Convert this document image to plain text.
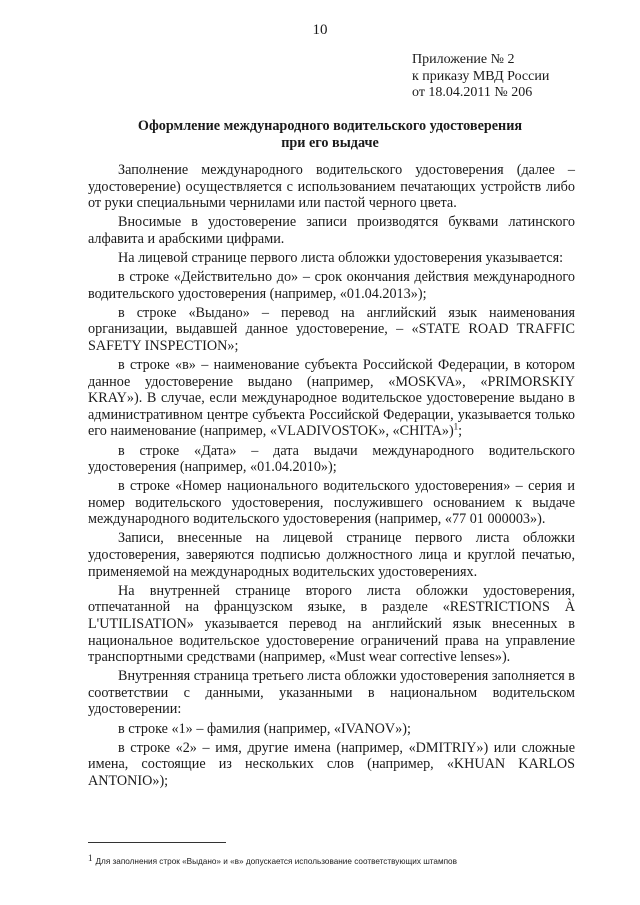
10
Приложение № 2
к приказу МВД России
от 18.04.2011 № 206
Оформление международного водительского удостоверения
при его выдаче

Заполнение международного водительского удостоверения (далее – удостоверение) осуществляется с использованием печатающих устройств либо от руки специальными чернилами или пастой черного цвета.

Вносимые в удостоверение записи производятся буквами латинского алфавита и арабскими цифрами.

На лицевой странице первого листа обложки удостоверения указывается:

в строке «Действительно до» – срок окончания действия международного водительского удостоверения (например, «01.04.2013»);

в строке «Выдано» – перевод на английский язык наименования организации, выдавшей данное удостоверение, – «STATE ROAD TRAFFIC SAFETY INSPECTION»;

в строке «в» – наименование субъекта Российской Федерации, в котором данное удостоверение выдано (например, «MOSKVA», «PRIMORSKIY KRAY»). В случае, если международное водительское удостоверение выдано в административном центре субъекта Российской Федерации, указывается только его наименование (например, «VLADIVOSTOK», «CHITA»)$^1$;

в строке «Дата» – дата выдачи международного водительского удостоверения (например, «01.04.2010»);

в строке «Номер национального водительского удостоверения» – серия и номер водительского удостоверения, послужившего основанием к выдаче международного водительского удостоверения (например, «77 01 000003»).

Записи, внесенные на лицевой странице первого листа обложки удостоверения, заверяются подписью должностного лица и круглой печатью, применяемой на международных водительских удостоверениях.

На внутренней странице второго листа обложки удостоверения, отпечатанной на французском языке, в разделе «RESTRICTIONS À L'UTILISATION» указывается перевод на английский язык внесенных в национальное водительское удостоверение ограничений права на управление транспортными средствами (например, «Must wear corrective lenses»).

Внутренняя страница третьего листа обложки удостоверения заполняется в соответствии с данными, указанными в национальном водительском удостоверении:

в строке «1» – фамилия (например, «IVANOV»);

в строке «2» – имя, другие имена (например, «DMITRIY») или сложные имена, состоящие из нескольких слов (например, «KHUAN KARLOS ANTONIO»);

1 Для заполнения строк «Выдано» и «в» допускается использование соответствующих штампов
